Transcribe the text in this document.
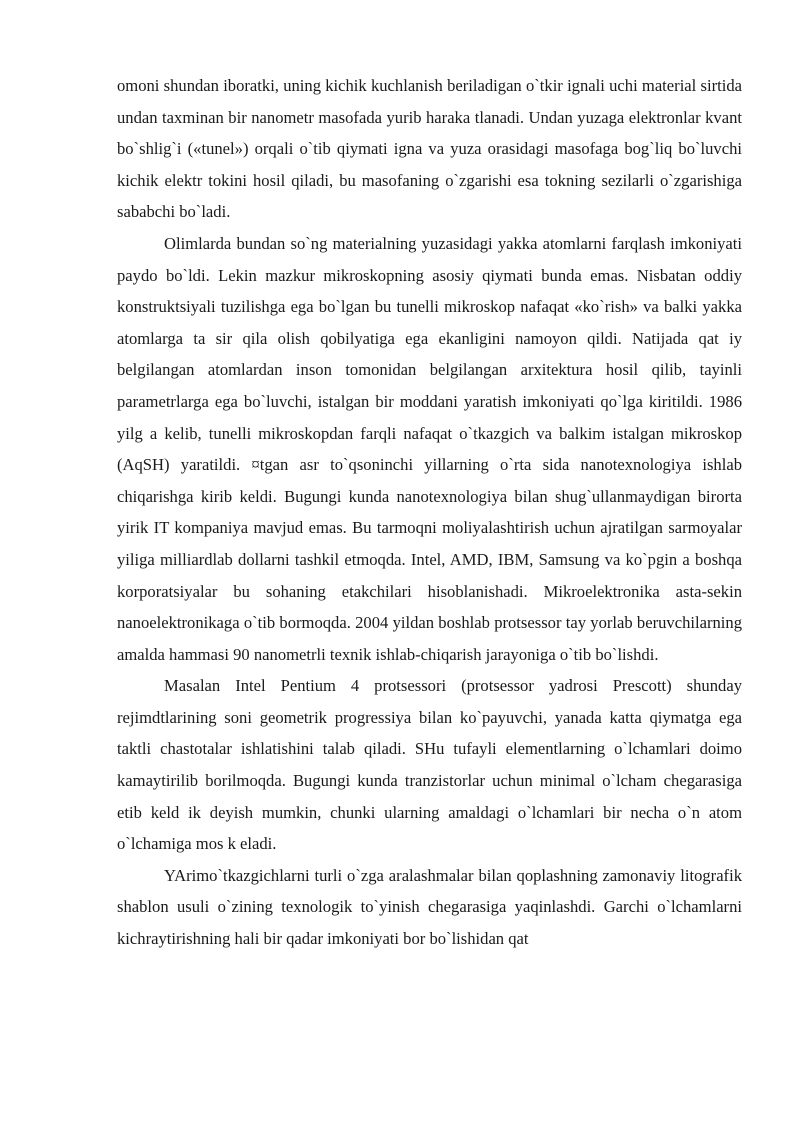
omoni shundan iboratki, uning kichik kuchlanish beriladigan o`tkir ignali uchi material sirtida undan taxminan bir nanometr masofada yurib haraka tlanadi. Undan yuzaga elektronlar kvant bo`shlig`i («tunel») orqali o`tib qiymati igna va yuza orasidagi masofaga bog`liq bo`luvchi kichik elektr tokini hosil qiladi, bu masofaning o`zgarishi esa tokning sezilarli o`zgarishiga sababchi bo`ladi.

Olimlarda bundan so`ng materialning yuzasidagi yakka atomlarni farqlash imkoniyati paydo bo`ldi. Lekin mazkur mikroskopning asosiy qiymati bunda emas. Nisbatan oddiy konstruktsiyali tuzilishga ega bo`lgan bu tunelli mikroskop nafaqat «ko`rish» va balki yakka atomlarga ta sir qila olish qobilyatiga ega ekanligini namoyon qildi. Natijada qat iy belgilangan atomlardan inson tomonidan belgilangan arxitektura hosil qilib, tayinli parametrlarga ega bo`luvchi, istalgan bir moddani yaratish imkoniyati qo`lga kiritildi. 1986 yilg a kelib, tunelli mikroskopdan farqli nafaqat o`tkazgich va balkim istalgan mikroskop (AqSH) yaratildi. ¤tgan asr to`qsoninchi yillarning o`rta sida nanotexnologiya ishlab chiqarishga kirib keldi. Bugungi kunda nanotexnologiya bilan shug`ullanmaydigan birorta yirik IT kompaniya mavjud emas. Bu tarmoqni moliyalashtirish uchun ajratilgan sarmoyalar yiliga milliardlab dollarni tashkil etmoqda. Intel, AMD, IBM, Samsung va ko`pgin a boshqa korporatsiyalar bu sohaning etakchilari hisoblanishadi. Mikroelektronika asta-sekin nanoelektronikaga o`tib bormoqda. 2004 yildan boshlab protsessor tay yorlab beruvchilarning amalda hammasi 90 nanometrli texnik ishlab-chiqarish jarayoniga o`tib bo`lishdi.

Masalan Intel Pentium 4 protsessori (protsessor yadrosi Prescott) shunday rejimdtlarining soni geometrik progressiya bilan ko`payuvchi, yanada katta qiymatga ega taktli chastotalar ishlatishini talab qiladi. SHu tufayli elementlarning o`lchamlari doimo kamaytirilib borilmoqda. Bugungi kunda tranzistorlar uchun minimal o`lcham chegarasiga etib keld ik deyish mumkin, chunki ularning amaldagi o`lchamlari bir necha o`n atom o`lchamiga mos k eladi.

YArimo`tkazgichlarni turli o`zga aralashmalar bilan qoplashning zamonaviy litografik shablon usuli o`zining texnologik to`yinish chegarasiga yaqinlashdi. Garchi o`lchamlarni kichraytirishning hali bir qadar imkoniyati bor bo`lishidan qat
